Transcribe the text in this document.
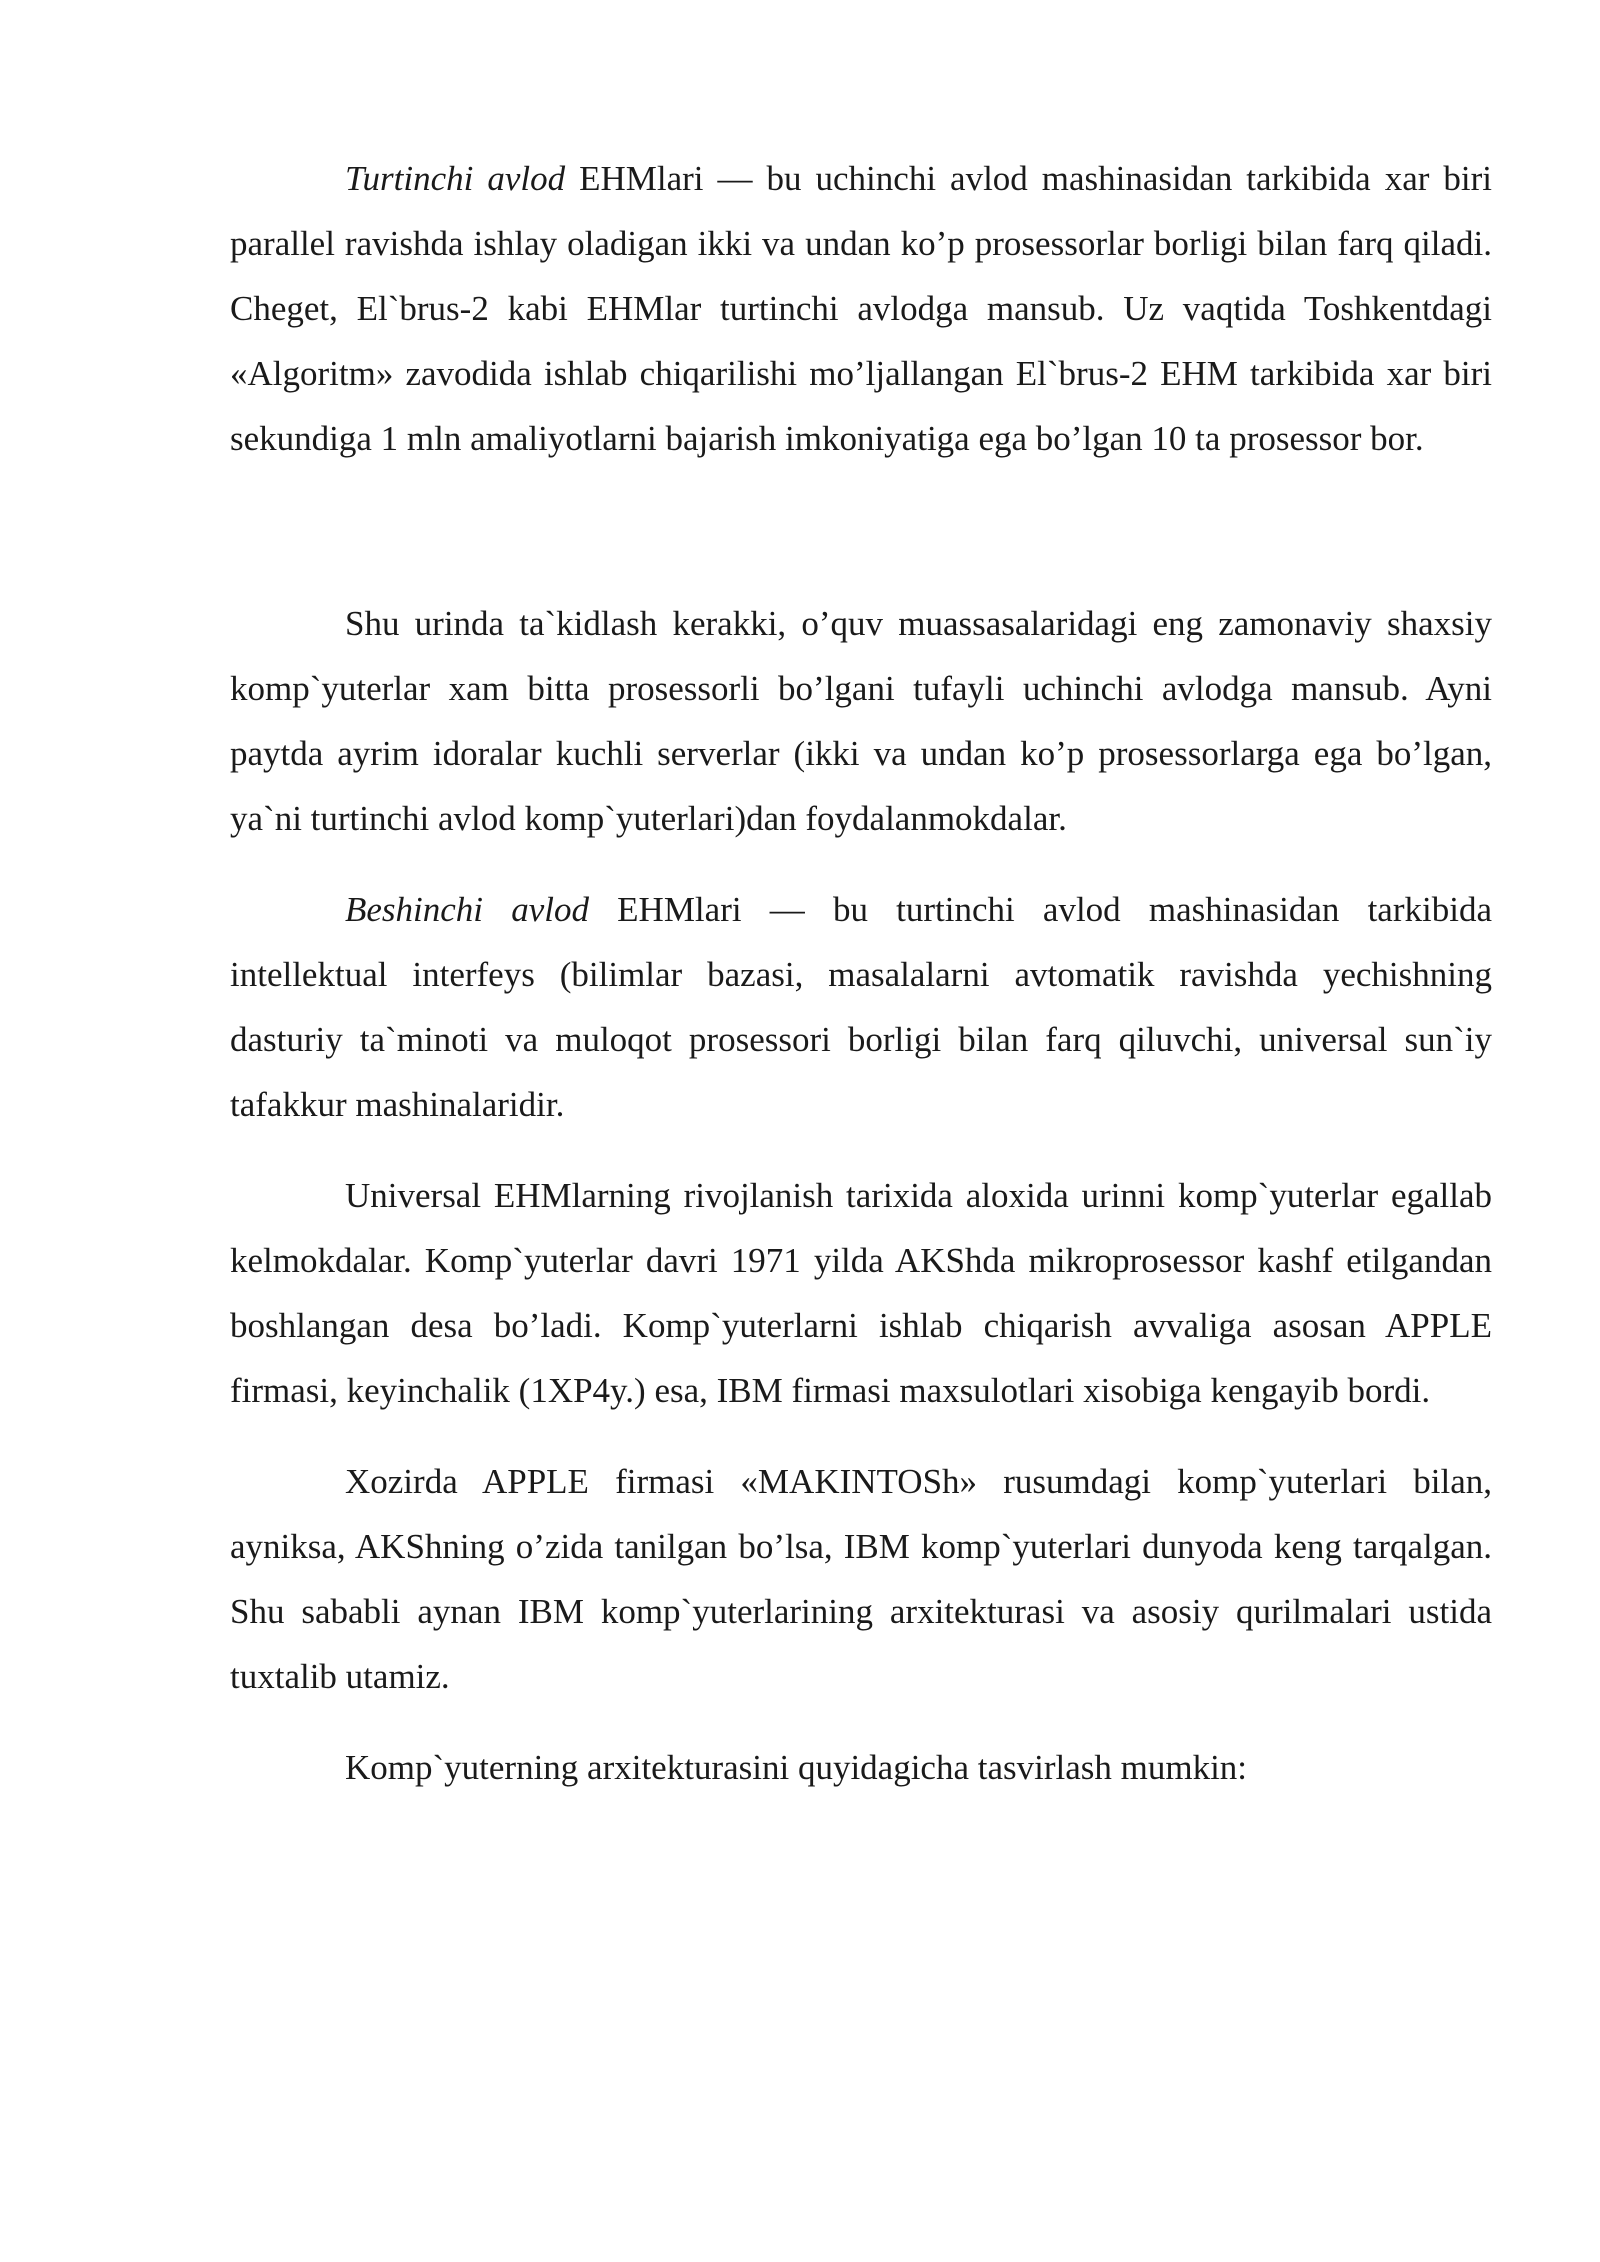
Turtinchi avlod EHMlari — bu uchinchi avlod mashinasidan tarkibida xar biri parallel ravishda ishlay oladigan ikki va undan ko’p prosessorlar borligi bilan farq qiladi. Cheget, El`brus-2 kabi EHMlar turtinchi avlodga mansub. Uz vaqtida Toshkentdagi «Algoritm» zavodida ishlab chiqarilishi mo’ljallangan El`brus-2 EHM tarkibida xar biri sekundiga 1 mln amaliyotlarni bajarish imkoniyatiga ega bo’lgan 10 ta prosessor bor.

Shu urinda ta`kidlash kerakki, o’quv muassasalaridagi eng zamonaviy shaxsiy komp`yuterlar xam bitta prosessorli bo’lgani tufayli uchinchi avlodga mansub. Ayni paytda ayrim idoralar kuchli serverlar (ikki va undan ko’p prosessorlarga ega bo’lgan, ya`ni turtinchi avlod komp`yuterlari)dan foydalanmokdalar.

Beshinchi avlod EHMlari — bu turtinchi avlod mashinasidan tarkibida intellektual interfeys (bilimlar bazasi, masalalarni avtomatik ravishda yechishning dasturiy ta`minoti va muloqot prosessori borligi bilan farq qiluvchi, universal sun`iy tafakkur mashinalaridir.

Universal EHMlarning rivojlanish tarixida aloxida urinni komp`yuterlar egallab kelmokdalar. Komp`yuterlar davri 1971 yilda AKShda mikroprosessor kashf etilgandan boshlangan desa bo’ladi. Komp`yuterlarni ishlab chiqarish avvaliga asosan APPLE firmasi, keyinchalik (1XP4y.) esa, IBM firmasi maxsulotlari xisobiga kengayib bordi.

Xozirda APPLE firmasi «MAKINTOSh» rusumdagi komp`yuterlari bilan, ayniksa, AKShning o’zida tanilgan bo’lsa, IBM komp`yuterlari dunyoda keng tarqalgan. Shu sababli aynan IBM komp`yuterlarining arxitekturasi va asosiy qurilmalari ustida tuxtalib utamiz.

Komp`yuterning arxitekturasini quyidagicha tasvirlash mumkin:
